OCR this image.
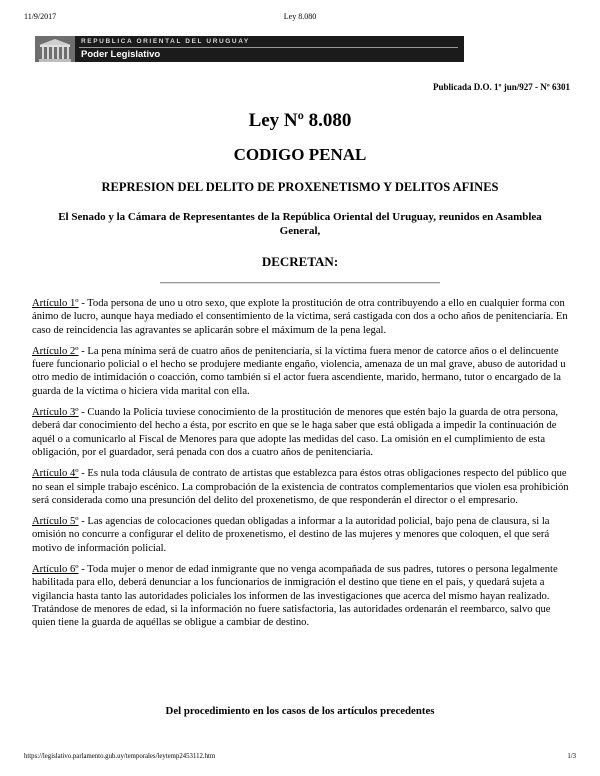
11/9/2017	Ley 8.080
REPUBLICA ORIENTAL DEL URUGUAY
Poder Legislativo
Publicada D.O. 1º jun/927 - Nº 6301
Ley Nº 8.080
CODIGO PENAL
REPRESION DEL DELITO DE PROXENETISMO Y DELITOS AFINES
El Senado y la Cámara de Representantes de la República Oriental del Uruguay, reunidos en Asamblea General,
DECRETAN:

Artículo 1º - Toda persona de uno u otro sexo, que explote la prostitución de otra contribuyendo a ello en cualquier forma con ánimo de lucro, aunque haya mediado el consentimiento de la víctima, será castigada con dos a ocho años de penitenciaría. En caso de reincidencia las agravantes se aplicarán sobre el máximum de la pena legal.

Artículo 2º - La pena mínima será de cuatro años de penitenciaría, si la víctima fuera menor de catorce años o el delincuente fuere funcionario policial o el hecho se produjere mediante engaño, violencia, amenaza de un mal grave, abuso de autoridad u otro medio de intimidación o coacción, como también si el actor fuera ascendiente, marido, hermano, tutor o encargado de la guarda de la víctima o hiciera vida marital con ella.

Artículo 3º - Cuando la Policía tuviese conocimiento de la prostitución de menores que estén bajo la guarda de otra persona, deberá dar conocimiento del hecho a ésta, por escrito en que se le haga saber que está obligada a impedir la continuación de aquél o a comunicarlo al Fiscal de Menores para que adopte las medidas del caso. La omisión en el cumplimiento de esta obligación, por el guardador, será penada con dos a cuatro años de penitenciaría.

Artículo 4º - Es nula toda cláusula de contrato de artistas que establezca para éstos otras obligaciones respecto del público que no sean el simple trabajo escénico. La comprobación de la existencia de contratos complementarios que violen esa prohibición será considerada como una presunción del delito del proxenetismo, de que responderán el director o el empresario.

Artículo 5º - Las agencias de colocaciones quedan obligadas a informar a la autoridad policial, bajo pena de clausura, si la omisión no concurre a configurar el delito de proxenetismo, el destino de las mujeres y menores que coloquen, el que será motivo de información policial.

Artículo 6º - Toda mujer o menor de edad inmigrante que no venga acompañada de sus padres, tutores o persona legalmente habilitada para ello, deberá denunciar a los funcionarios de inmigración el destino que tiene en el país, y quedará sujeta a vigilancia hasta tanto las autoridades policiales los informen de las investigaciones que acerca del mismo hayan realizado. Tratándose de menores de edad, si la información no fuere satisfactoria, las autoridades ordenarán el reembarco, salvo que quien tiene la guarda de aquéllas se obligue a cambiar de destino.

Del procedimiento en los casos de los artículos precedentes
https://legislativo.parlamento.gub.uy/temporales/leytemp2453112.htm	1/3
